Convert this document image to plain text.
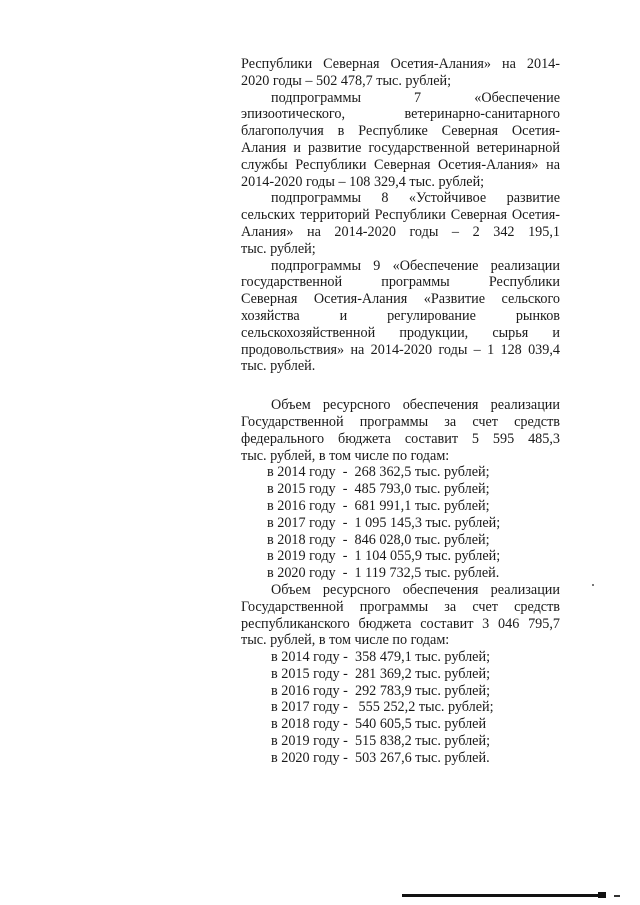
Республики Северная Осетия-Алания» на 2014-
2020 годы – 502 478,7 тыс. рублей;
подпрограммы 7 «Обеспечение
эпизоотического, ветеринарно-санитарного
благополучия в Республике Северная Осетия-
Алания и развитие государственной ветеринарной
службы Республики Северная Осетия-Алания» на
2014-2020 годы – 108 329,4 тыс. рублей;
подпрограммы 8 «Устойчивое развитие
сельских территорий Республики Северная Осетия-
Алания» на 2014-2020 годы – 2 342 195,1
тыс. рублей;
подпрограммы 9 «Обеспечение реализации
государственной программы Республики
Северная Осетия-Алания «Развитие сельского
хозяйства и регулирование рынков
сельскохозяйственной продукции, сырья и
продовольствия» на 2014-2020 годы – 1 128 039,4
тыс. рублей.
Объем ресурсного обеспечения реализации
Государственной программы за счет средств
федерального бюджета составит 5 595 485,3
тыс. рублей, в том числе по годам:
в 2014 году  -  268 362,5 тыс. рублей;
в 2015 году  -  485 793,0 тыс. рублей;
в 2016 году  -  681 991,1 тыс. рублей;
в 2017 году  -  1 095 145,3 тыс. рублей;
в 2018 году  -  846 028,0 тыс. рублей;
в 2019 году  -  1 104 055,9 тыс. рублей;
в 2020 году  -  1 119 732,5 тыс. рублей.
Объем ресурсного обеспечения реализации
Государственной программы за счет средств
республиканского бюджета составит 3 046 795,7
тыс. рублей, в том числе по годам:
в 2014 году -  358 479,1 тыс. рублей;
в 2015 году -  281 369,2 тыс. рублей;
в 2016 году -  292 783,9 тыс. рублей;
в 2017 году -   555 252,2 тыс. рублей;
в 2018 году -  540 605,5 тыс. рублей
в 2019 году -  515 838,2 тыс. рублей;
в 2020 году -  503 267,6 тыс. рублей.
